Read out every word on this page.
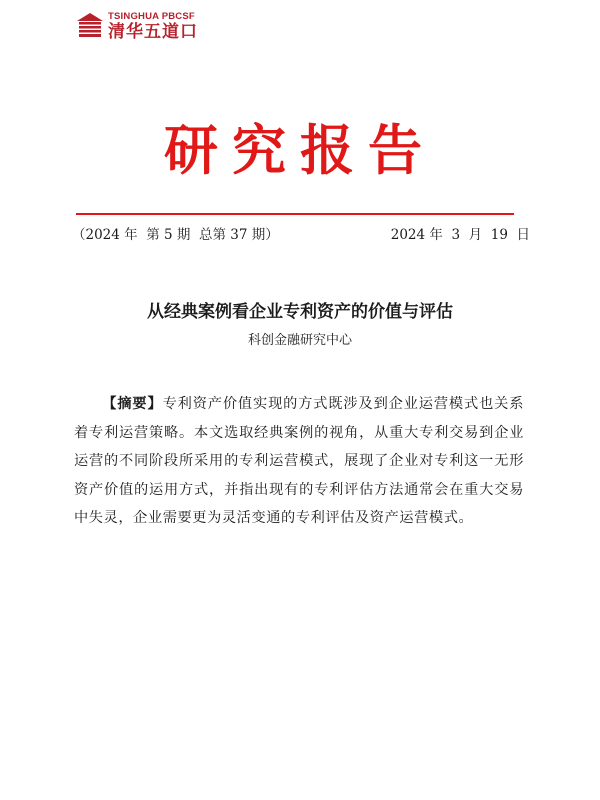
TSINGHUA PBCSF
清华五道口
研究报告
（2024 年  第 5 期  总第 37 期）	2024 年  3  月  19  日
从经典案例看企业专利资产的价值与评估
科创金融研究中心

【摘要】专利资产价值实现的方式既涉及到企业运营模式也关系着专利运营策略。本文选取经典案例的视角，从重大专利交易到企业运营的不同阶段所采用的专利运营模式，展现了企业对专利这一无形资产价值的运用方式，并指出现有的专利评估方法通常会在重大交易中失灵，企业需要更为灵活变通的专利评估及资产运营模式。
